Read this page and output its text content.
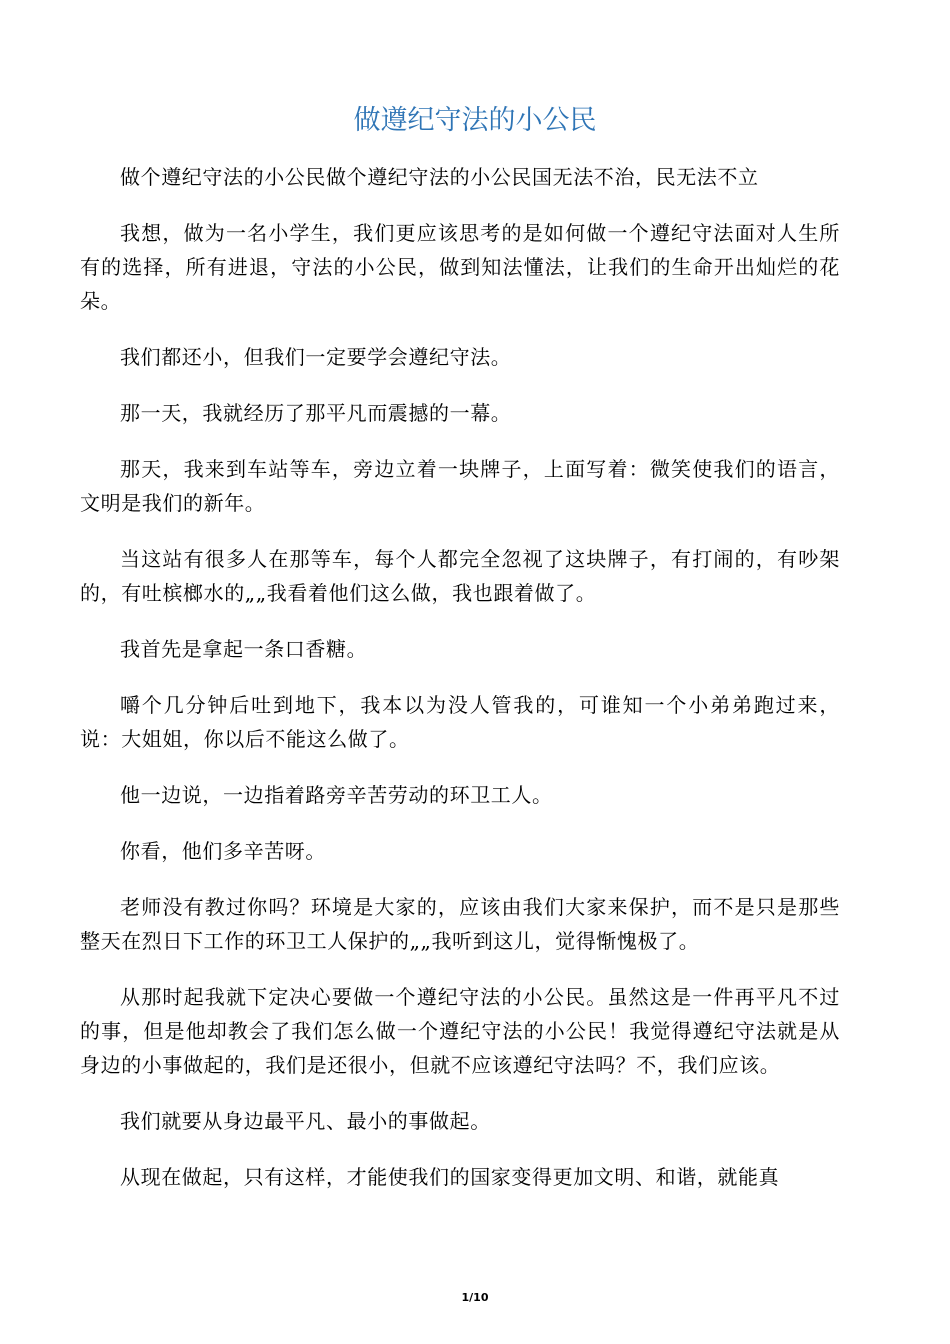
做遵纪守法的小公民

做个遵纪守法的小公民做个遵纪守法的小公民国无法不治，民无法不立

我想，做为一名小学生，我们更应该思考的是如何做一个遵纪守法面对人生所有的选择，所有进退，守法的小公民，做到知法懂法，让我们的生命开出灿烂的花朵。

我们都还小，但我们一定要学会遵纪守法。

那一天，我就经历了那平凡而震撼的一幕。

那天，我来到车站等车，旁边立着一块牌子，上面写着：微笑使我们的语言，文明是我们的新年。

当这站有很多人在那等车，每个人都完全忽视了这块牌子，有打闹的，有吵架的，有吐槟榔水的„„我看着他们这么做，我也跟着做了。

我首先是拿起一条口香糖。

嚼个几分钟后吐到地下，我本以为没人管我的，可谁知一个小弟弟跑过来，说：大姐姐，你以后不能这么做了。

他一边说，一边指着路旁辛苦劳动的环卫工人。

你看，他们多辛苦呀。

老师没有教过你吗？环境是大家的，应该由我们大家来保护，而不是只是那些整天在烈日下工作的环卫工人保护的„„我听到这儿，觉得惭愧极了。

从那时起我就下定决心要做一个遵纪守法的小公民。虽然这是一件再平凡不过的事，但是他却教会了我们怎么做一个遵纪守法的小公民！我觉得遵纪守法就是从身边的小事做起的，我们是还很小，但就不应该遵纪守法吗？不，我们应该。

我们就要从身边最平凡、最小的事做起。

从现在做起，只有这样，才能使我们的国家变得更加文明、和谐，就能真

1/10
